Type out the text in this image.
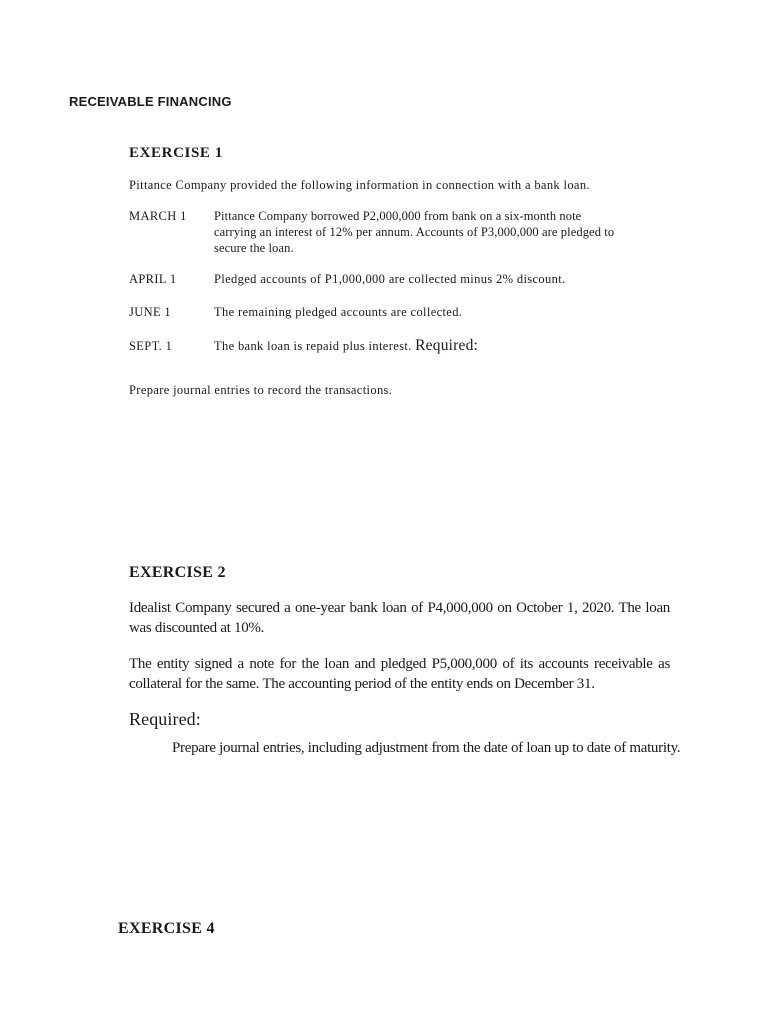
RECEIVABLE FINANCING
EXERCISE 1
Pittance Company provided the following information in connection with a bank loan.
MARCH 1	Pittance Company borrowed P2,000,000 from bank on a six-month note
carrying an interest of 12% per annum. Accounts of P3,000,000 are pledged to
secure the loan.
APRIL 1	Pledged accounts of P1,000,000 are collected minus 2% discount.
JUNE 1	The remaining pledged accounts are collected.
SEPT. 1	The bank loan is repaid plus interest. Required:
Prepare journal entries to record the transactions.
EXERCISE 2
Idealist Company secured a one-year bank loan of P4,000,000 on October 1, 2020. The loan was discounted at 10%.
The entity signed a note for the loan and pledged P5,000,000 of its accounts receivable as collateral for the same. The accounting period of the entity ends on December 31.
Required:
Prepare journal entries, including adjustment from the date of loan up to date of maturity.
EXERCISE 4
